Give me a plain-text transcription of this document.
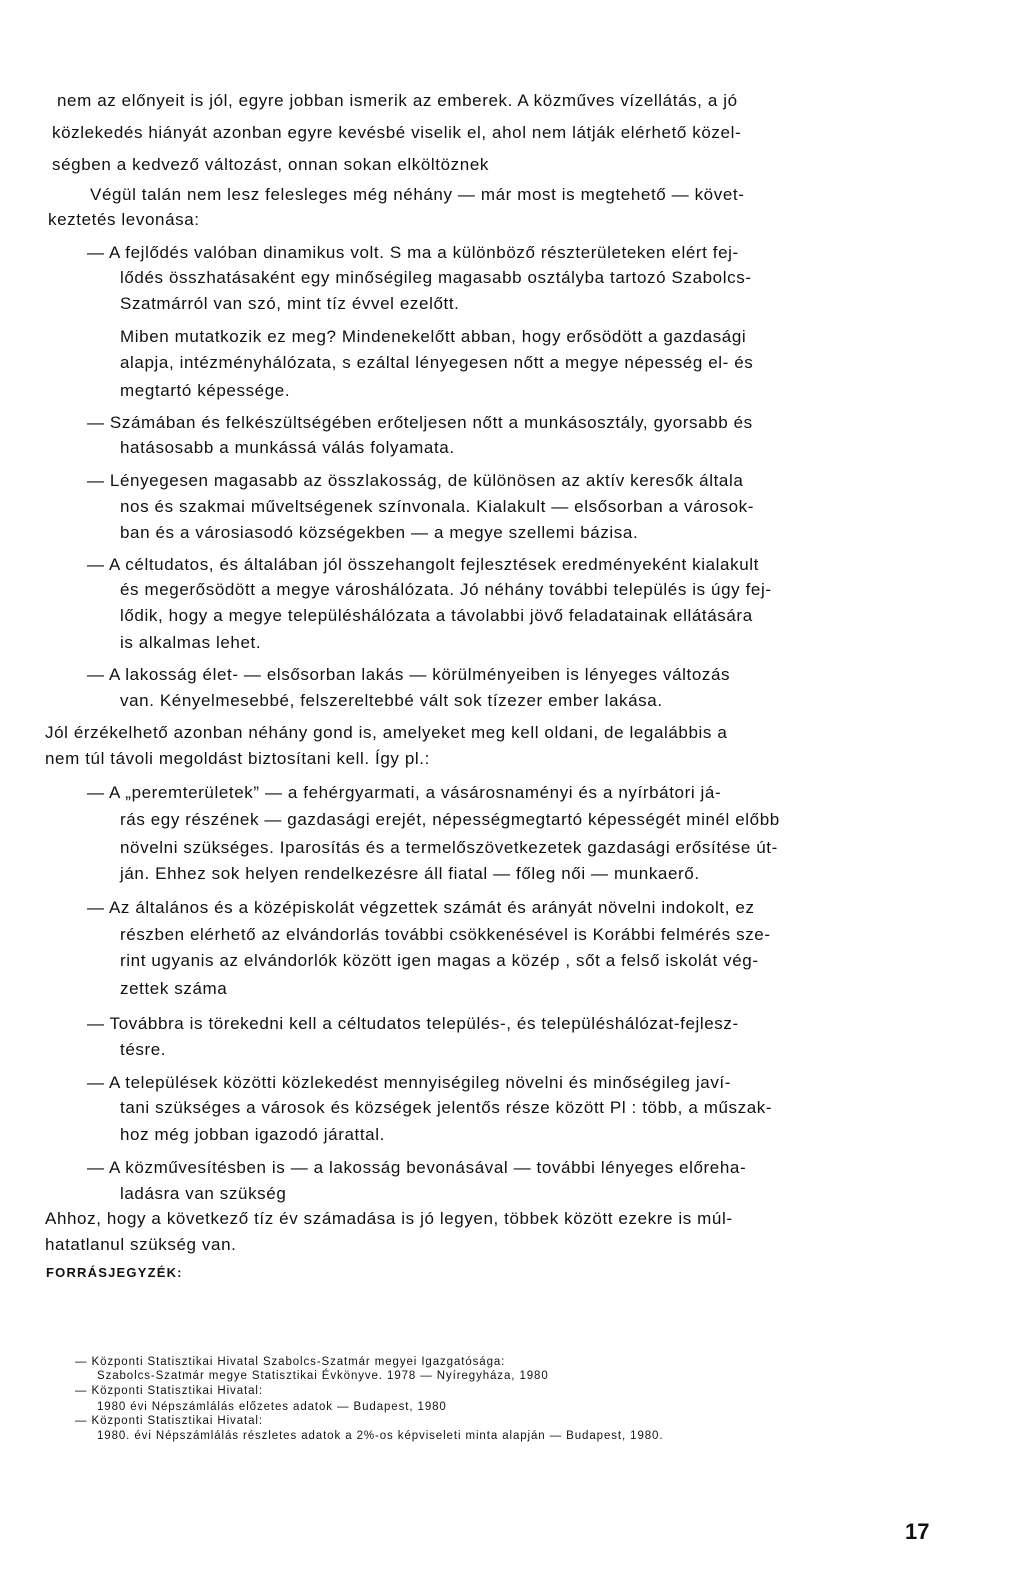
nem az előnyeit is jól, egyre jobban ismerik az emberek. A közműves vízellátás, a jó
közlekedés hiányát azonban egyre kevésbé viselik el, ahol nem látják elérhető közel-
ségben a kedvező változást, onnan sokan elköltöznek
Végül talán nem lesz felesleges még néhány — már most is megtehető — követ-
keztetés levonása:
— A fejlődés valóban dinamikus volt. S ma a különböző részterületeken elért fej-
lődés összhatásaként egy minőségileg magasabb osztályba tartozó Szabolcs-
Szatmárról van szó, mint tíz évvel ezelőtt.
Miben mutatkozik ez meg? Mindenekelőtt abban, hogy erősödött a gazdasági
alapja, intézményhálózata, s ezáltal lényegesen nőtt a megye népesség el- és
megtartó képessége.
— Számában és felkészültségében erőteljesen nőtt a munkásosztály, gyorsabb és
hatásosabb a munkássá válás folyamata.
— Lényegesen magasabb az összlakosság, de különösen az aktív keresők általa
nos és szakmai műveltségenek színvonala. Kialakult — elsősorban a városok-
ban és a városiasodó községekben — a megye szellemi bázisa.
— A céltudatos, és általában jól összehangolt fejlesztések eredményeként kialakult
és megerősödött a megye városhálózata. Jó néhány további település is úgy fej-
lődik, hogy a megye településhálózata a távolabbi jövő feladatainak ellátására
is alkalmas lehet.
— A lakosság élet- — elsősorban lakás — körülményeiben is lényeges változás
van. Kényelmesebbé, felszereltebbé vált sok tízezer ember lakása.
Jól érzékelhető azonban néhány gond is, amelyeket meg kell oldani, de legalábbis a
nem túl távoli megoldást biztosítani kell. Így pl.:
— A „peremterületek” — a fehérgyarmati, a vásárosnaményi és a nyírbátori já-
rás egy részének — gazdasági erejét, népességmegtartó képességét minél előbb
növelni szükséges. Iparosítás és a termelőszövetkezetek gazdasági erősítése út-
ján. Ehhez sok helyen rendelkezésre áll fiatal — főleg női — munkaerő.
— Az általános és a középiskolát végzettek számát és arányát növelni indokolt, ez
részben elérhető az elvándorlás további csökkenésével is Korábbi felmérés sze-
rint ugyanis az elvándorlók között igen magas a közép , sőt a felső iskolát vég-
zettek száma
— Továbbra is törekedni kell a céltudatos település-, és településhálózat-fejlesz-
tésre.
— A települések közötti közlekedést mennyiségileg növelni és minőségileg javí-
tani szükséges a városok és községek jelentős része között Pl : több, a műszak-
hoz még jobban igazodó járattal.
— A közművesítésben is — a lakosság bevonásával — további lényeges előreha-
ladásra van szükség
Ahhoz, hogy a következő tíz év számadása is jó legyen, többek között ezekre is múl-
hatatlanul szükség van.
FORRÁSJEGYZÉK:
— Központi Statisztikai Hivatal Szabolcs-Szatmár megyei Igazgatósága:
Szabolcs-Szatmár megye Statisztikai Évkönyve. 1978 — Nyíregyháza, 1980
— Központi Statisztikai Hivatal:
1980 évi Népszámlálás előzetes adatok — Budapest, 1980
— Központi Statisztikai Hivatal:
1980. évi Népszámlálás részletes adatok a 2%-os képviseleti minta alapján — Budapest, 1980.
17
